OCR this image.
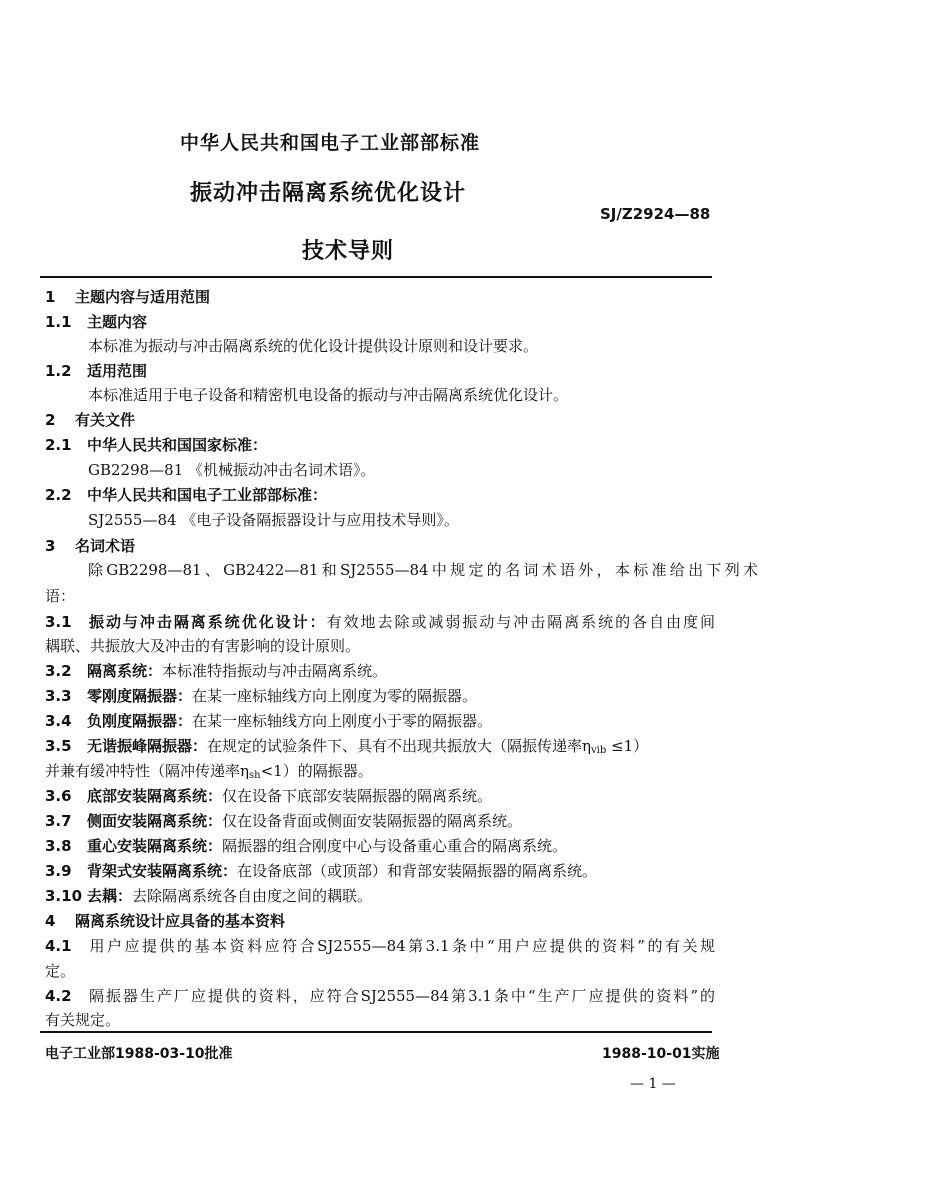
中华人民共和国电子工业部部标准
振动冲击隔离系统优化设计
SJ/Z2924—88
技术导则
1 主题内容与适用范围
1.1 主题内容
本标准为振动与冲击隔离系统的优化设计提供设计原则和设计要求。
1.2 适用范围
本标准适用于电子设备和精密机电设备的振动与冲击隔离系统优化设计。
2 有关文件
2.1 中华人民共和国国家标准：
GB2298—81 《机械振动冲击名词术语》。
2.2 中华人民共和国电子工业部部标准：
SJ2555—84 《电子设备隔振器设计与应用技术导则》。
3 名词术语
除GB2298—81、GB2422—81和SJ2555—84中规定的名词术语外，本标准给出下列术
语：
3.1 振动与冲击隔离系统优化设计：有效地去除或减弱振动与冲击隔离系统的各自由度间
耦联、共振放大及冲击的有害影响的设计原则。
3.2 隔离系统：本标准特指振动与冲击隔离系统。
3.3 零刚度隔振器：在某一座标轴线方向上刚度为零的隔振器。
3.4 负刚度隔振器：在某一座标轴线方向上刚度小于零的隔振器。
3.5 无谐振峰隔振器：在规定的试验条件下、具有不出现共振放大（隔振传递率$\eta_{vib} \le 1$）
并兼有缓冲特性（隔冲传递率$\eta_{sh}<1$）的隔振器。
3.6 底部安装隔离系统：仅在设备下底部安装隔振器的隔离系统。
3.7 侧面安装隔离系统：仅在设备背面或侧面安装隔振器的隔离系统。
3.8 重心安装隔离系统：隔振器的组合刚度中心与设备重心重合的隔离系统。
3.9 背架式安装隔离系统：在设备底部（或顶部）和背部安装隔振器的隔离系统。
3.10 去耦：去除隔离系统各自由度之间的耦联。
4 隔离系统设计应具备的基本资料
4.1 用户应提供的基本资料应符合SJ2555—84第3.1条中“用户应提供的资料”的有关规
定。
4.2 隔振器生产厂应提供的资料，应符合SJ2555—84第3.1条中“生产厂应提供的资料”的
有关规定。
电子工业部1988-03-10批准	1988-10-01实施
— 1 —
